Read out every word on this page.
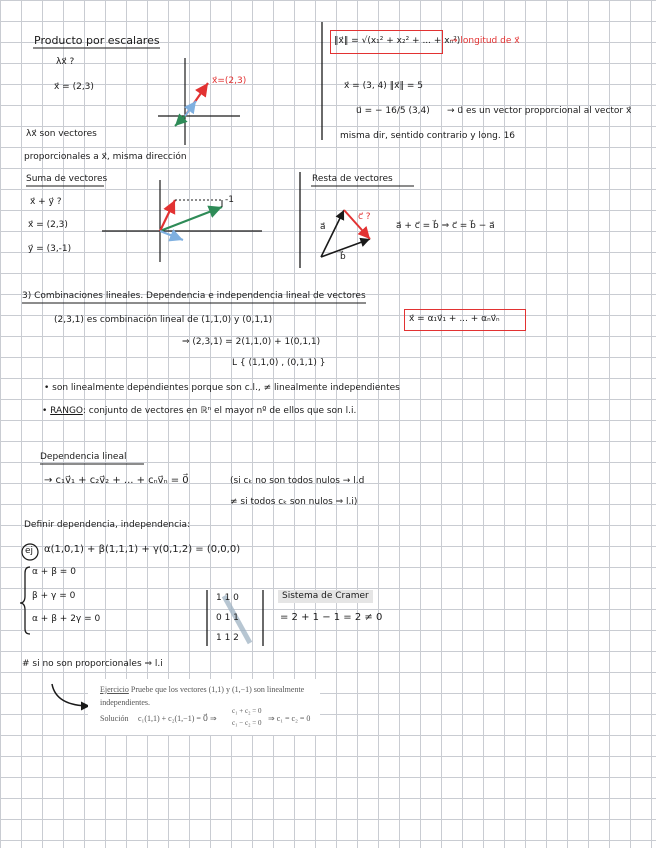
Producto por escalares
λx⃗ ?
x⃗ = (2,3)
x⃗=(2,3)
λx⃗ son vectores
proporcionales a x⃗, misma dirección
‖x⃗‖ = √(x₁² + x₂² + ... + xₙ²)
→ longitud de x⃗
x⃗ = (3, 4) ‖x⃗‖ = 5
u⃗ = − 16/5 (3,4) → u⃗ es un vector proporcional al vector x⃗
misma dir, sentido contrario y long. 16
Suma de vectores
x⃗ + y⃗ ?
x⃗ = (2,3)
y⃗ = (3,-1)
-1
Resta de vectores
c⃗ ?
a⃗
b⃗
a⃗ + c⃗ = b⃗ ⇒ c⃗ = b⃗ − a⃗
3) Combinaciones lineales. Dependencia e independencia lineal de vectores
(2,3,1) es combinación lineal de (1,1,0) y (0,1,1)
⇒ (2,3,1) = 2(1,1,0) + 1(0,1,1)
L { (1,1,0) , (0,1,1) }
x⃗ = α₁v⃗₁ + ... + αₙv⃗ₙ
• son linealmente dependientes porque son c.l., ≠ linealmente independientes
• RANGO: conjunto de vectores en ℝⁿ el mayor nº de ellos que son l.i.
Dependencia lineal
→ c₁v⃗₁ + c₂v⃗₂ + ... + cₙv⃗ₙ = 0⃗	(si cₖ no son todos nulos → l.d
≠ si todos cₖ son nulos ⇒ l.i)
Definir dependencia, independencia:
ej α(1,0,1) + β(1,1,1) + γ(0,1,2) = (0,0,0)
α + β = 0
β + γ = 0
α + β + 2γ = 0
1 1 0
0 1 1
1 1 2
Sistema de Cramer
= 2 + 1 − 1 = 2 ≠ 0
# si no son proporcionales ⇒ l.i
Ejercicio Pruebe que los vectores (1,1) y (1,−1) son linealmente
independientes.
Solución c₁(1,1) + c₂(1,−1) = 0⃗ ⇒
c₁ + c₂ = 0
c₁ − c₂ = 0 ⇒ c₁ = c₂ = 0
